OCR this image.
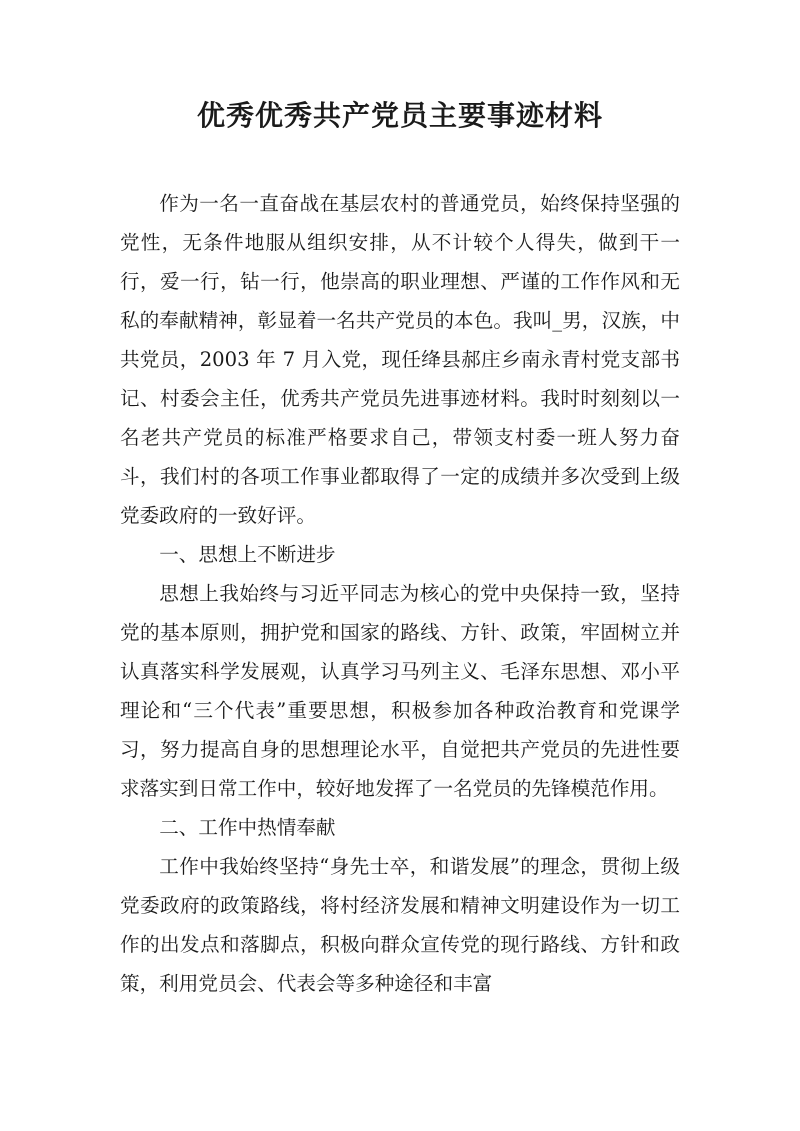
优秀优秀共产党员主要事迹材料

作为一名一直奋战在基层农村的普通党员，始终保持坚强的党性，无条件地服从组织安排，从不计较个人得失，做到干一行，爱一行，钻一行，他崇高的职业理想、严谨的工作作风和无私的奉献精神，彰显着一名共产党员的本色。我叫_男，汉族，中共党员，2003 年 7 月入党，现任绛县郝庄乡南永青村党支部书记、村委会主任，优秀共产党员先进事迹材料。我时时刻刻以一名老共产党员的标准严格要求自己，带领支村委一班人努力奋斗，我们村的各项工作事业都取得了一定的成绩并多次受到上级党委政府的一致好评。

一、思想上不断进步

思想上我始终与习近平同志为核心的党中央保持一致，坚持党的基本原则，拥护党和国家的路线、方针、政策，牢固树立并认真落实科学发展观，认真学习马列主义、毛泽东思想、邓小平理论和“三个代表”重要思想，积极参加各种政治教育和党课学习，努力提高自身的思想理论水平，自觉把共产党员的先进性要求落实到日常工作中，较好地发挥了一名党员的先锋模范作用。

二、工作中热情奉献

工作中我始终坚持“身先士卒，和谐发展”的理念，贯彻上级党委政府的政策路线，将村经济发展和精神文明建设作为一切工作的出发点和落脚点，积极向群众宣传党的现行路线、方针和政策，利用党员会、代表会等多种途径和丰富
